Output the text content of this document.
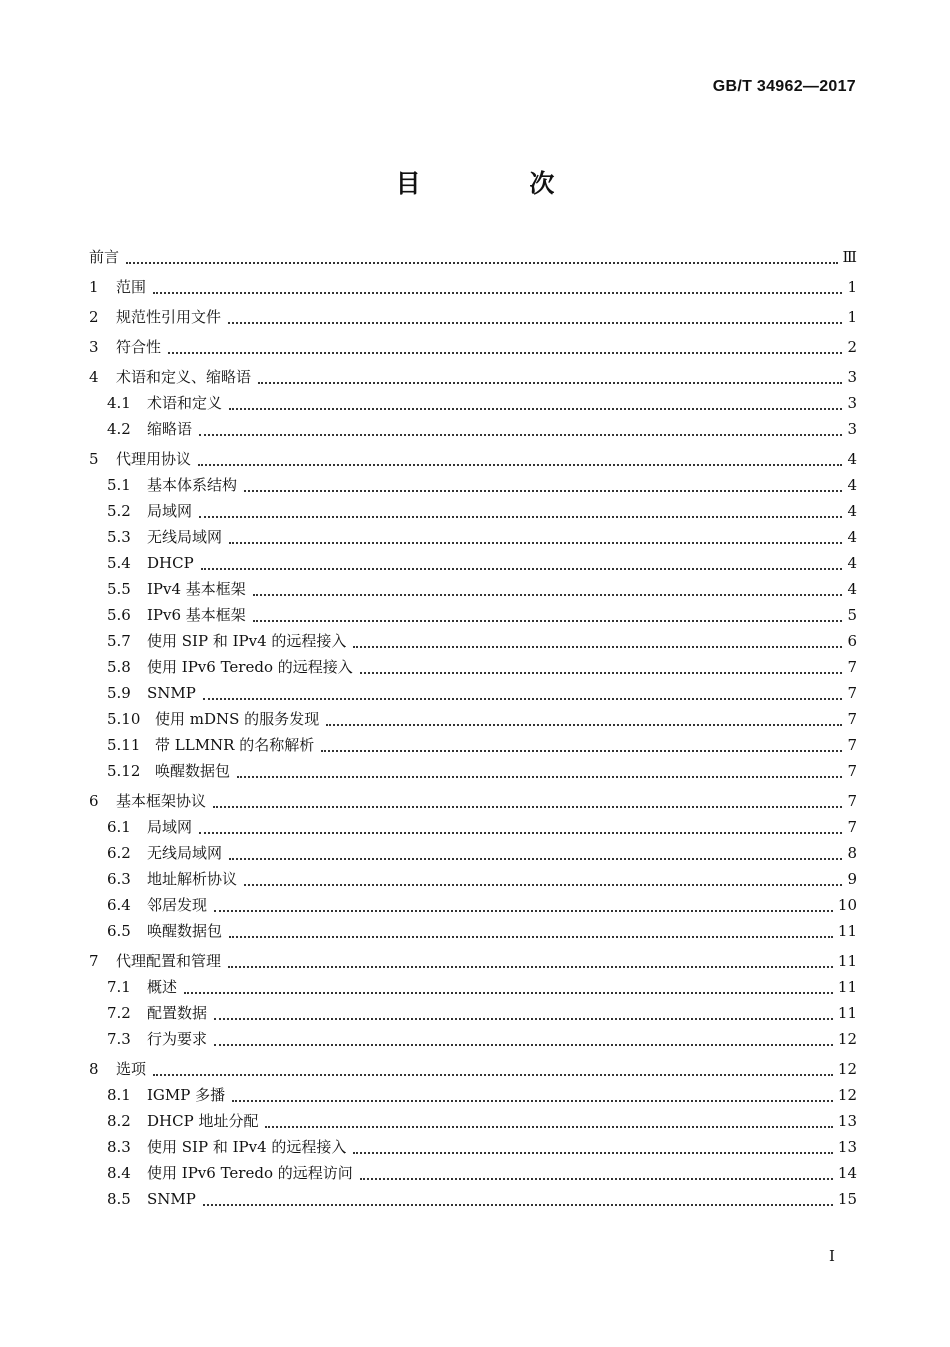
GB/T 34962—2017
目 次
前言	Ⅲ
1	范围	1
2	规范性引用文件	1
3	符合性	2
4	术语和定义、缩略语	3
4.1	术语和定义	3
4.2	缩略语	3
5	代理用协议	4
5.1	基本体系结构	4
5.2	局域网	4
5.3	无线局域网	4
5.4	DHCP	4
5.5	IPv4 基本框架	4
5.6	IPv6 基本框架	5
5.7	使用 SIP 和 IPv4 的远程接入	6
5.8	使用 IPv6 Teredo 的远程接入	7
5.9	SNMP	7
5.10 使用 mDNS 的服务发现	7
5.11 带 LLMNR 的名称解析	7
5.12 唤醒数据包	7
6	基本框架协议	7
6.1	局域网	7
6.2	无线局域网	8
6.3	地址解析协议	9
6.4	邻居发现	10
6.5	唤醒数据包	11
7	代理配置和管理	11
7.1	概述	11
7.2	配置数据	11
7.3	行为要求	12
8	选项	12
8.1	IGMP 多播	12
8.2	DHCP 地址分配	13
8.3	使用 SIP 和 IPv4 的远程接入	13
8.4	使用 IPv6 Teredo 的远程访问	14
8.5	SNMP	15
I
